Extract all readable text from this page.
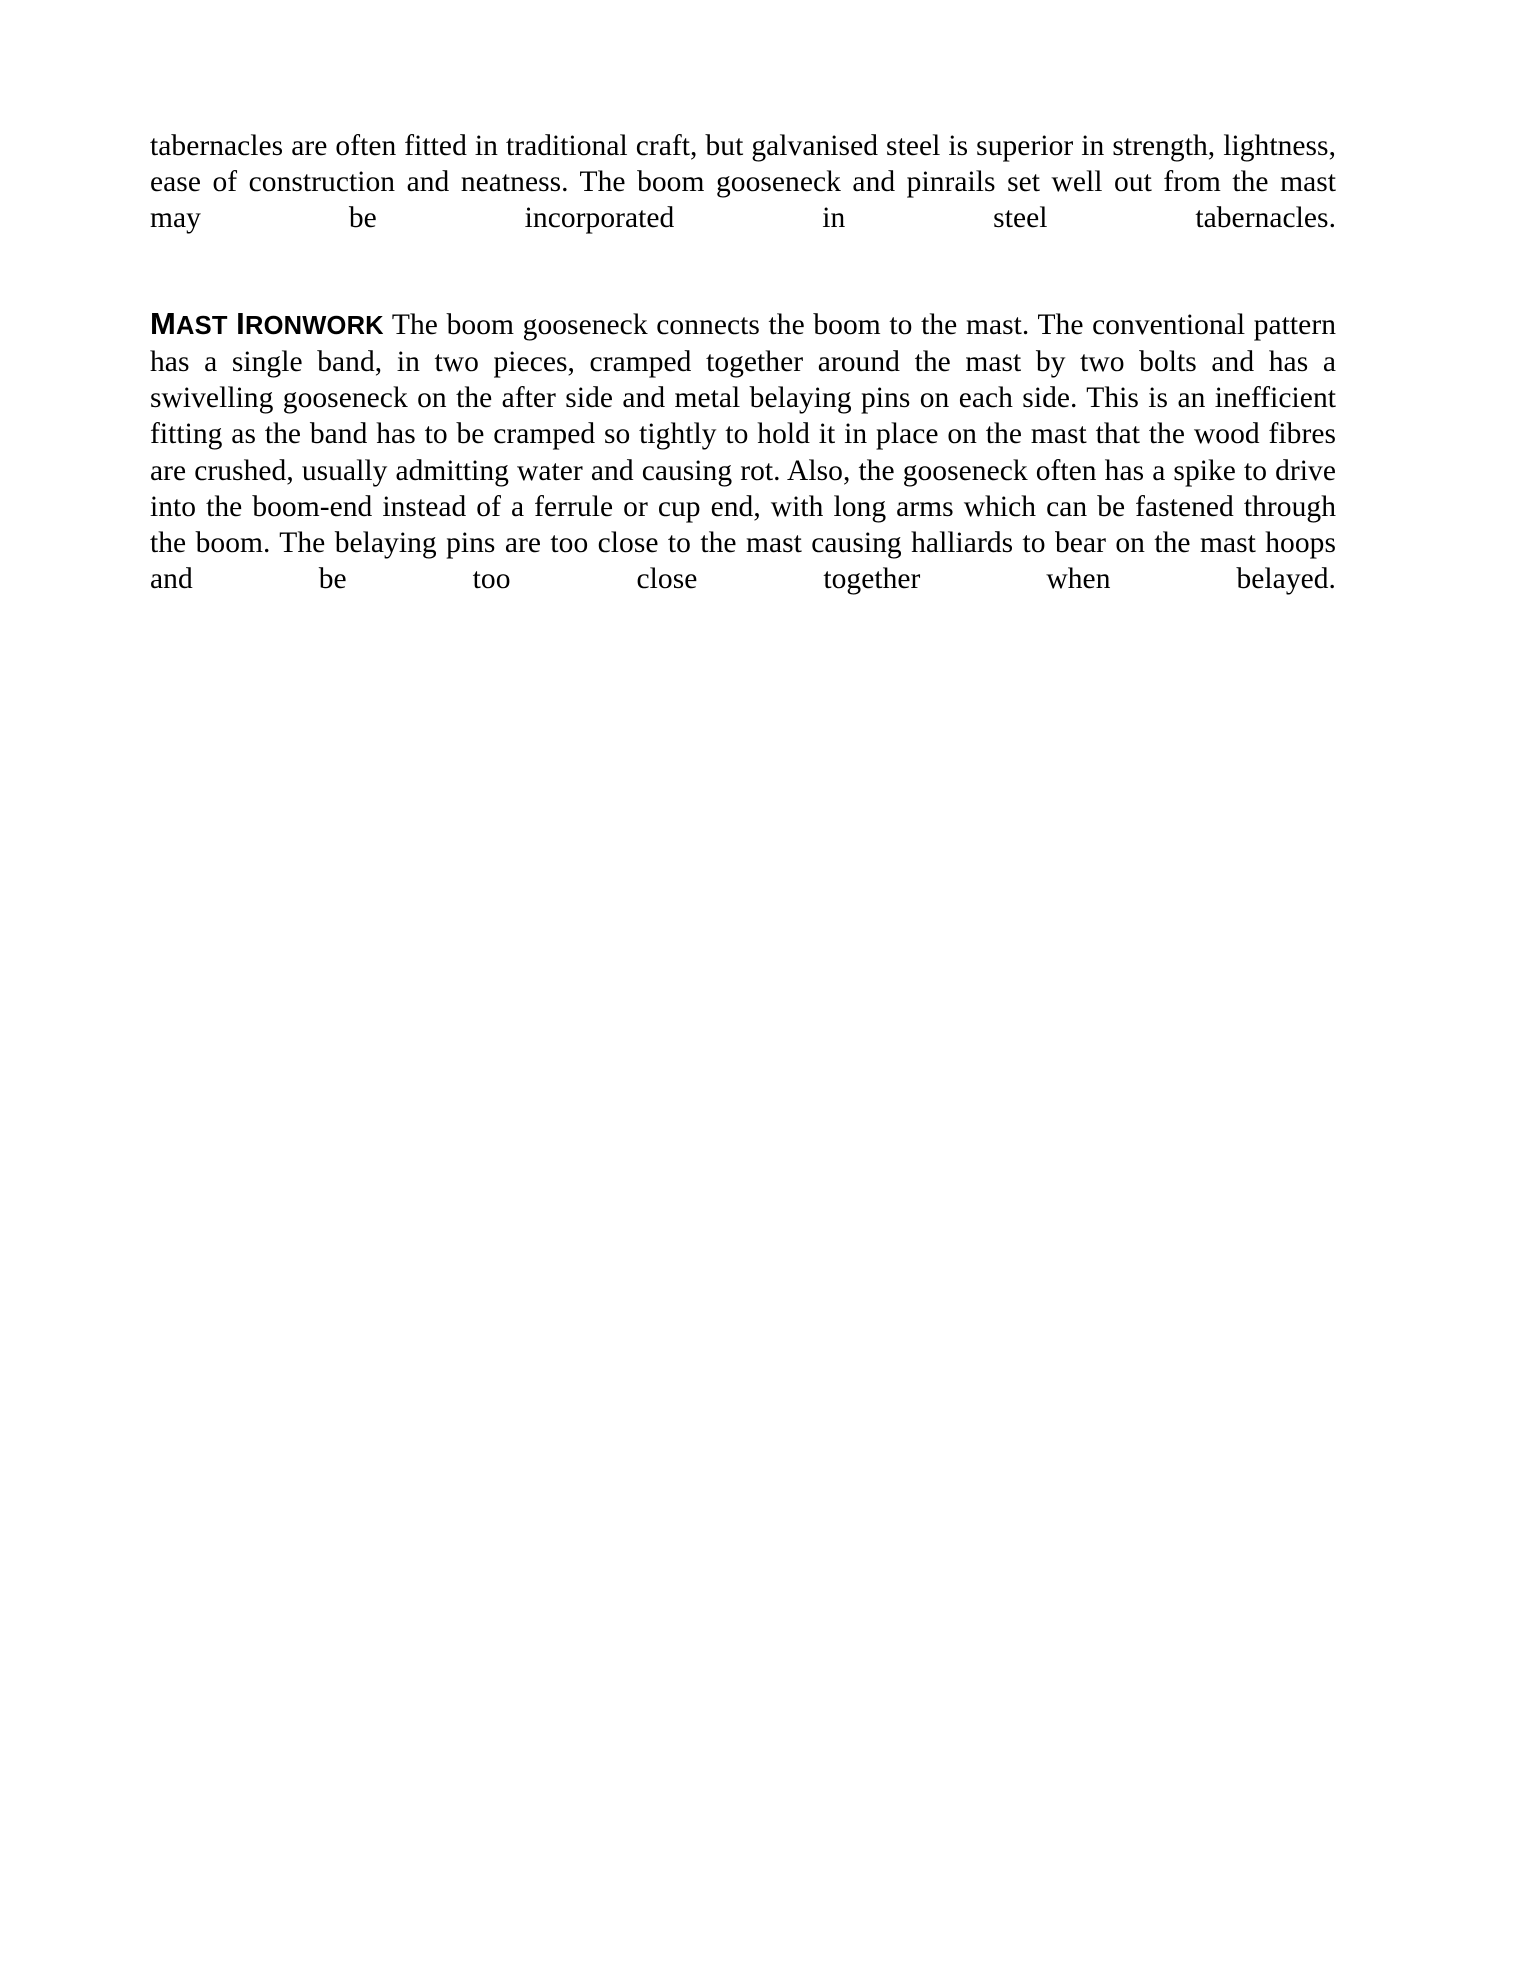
tabernacles are often fitted in traditional craft, but galvanised steel is superior in strength, lightness, ease of construction and neatness. The boom gooseneck and pinrails set well out from the mast may be incorporated in steel tabernacles.

MAST IRONWORK The boom gooseneck connects the boom to the mast. The conventional pattern has a single band, in two pieces, cramped together around the mast by two bolts and has a swivelling gooseneck on the after side and metal belaying pins on each side. This is an inefficient fitting as the band has to be cramped so tightly to hold it in place on the mast that the wood fibres are crushed, usually admitting water and causing rot. Also, the gooseneck often has a spike to drive into the boom-end instead of a ferrule or cup end, with long arms which can be fastened through the boom. The belaying pins are too close to the mast causing halliards to bear on the mast hoops and be too close together when belayed.
